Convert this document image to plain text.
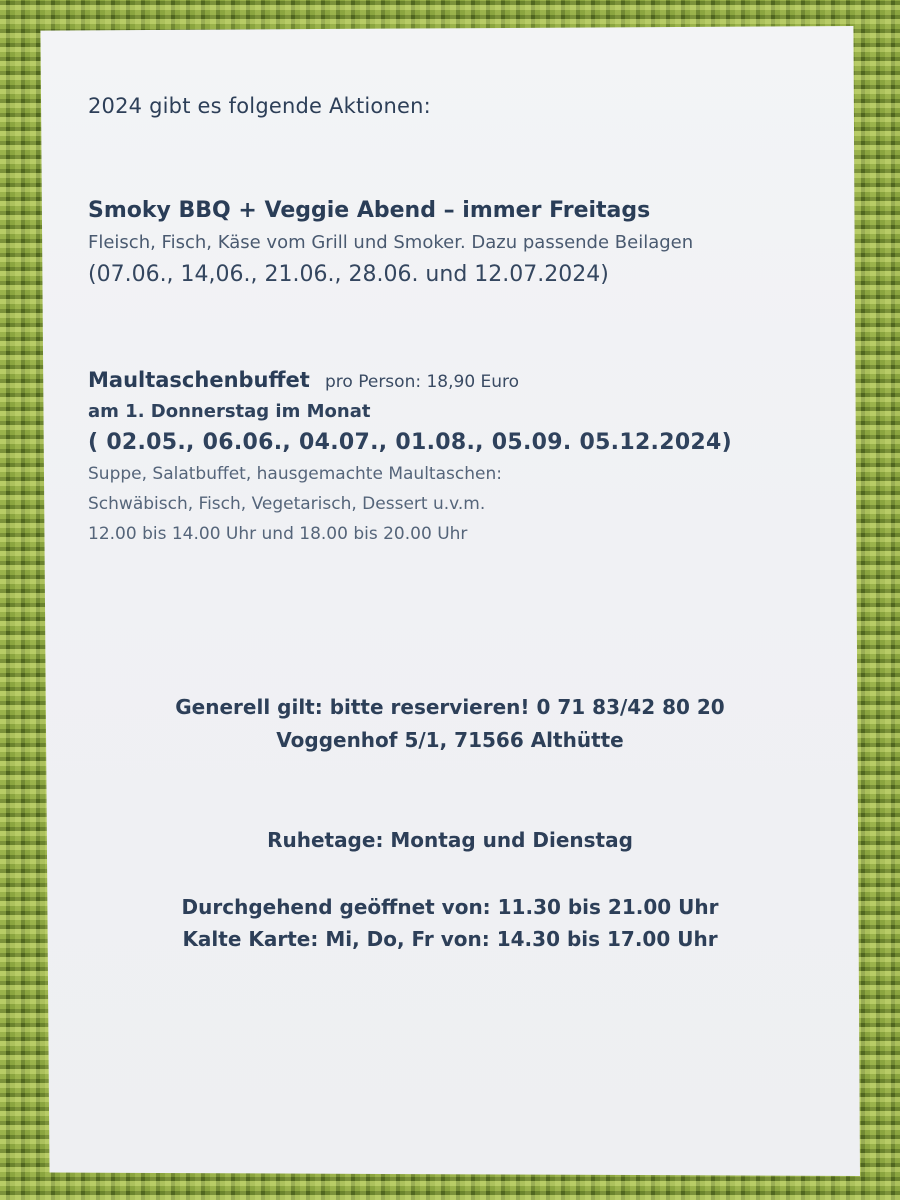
2024 gibt es folgende Aktionen:

Smoky BBQ + Veggie Abend – immer Freitags

Fleisch, Fisch, Käse vom Grill und Smoker. Dazu passende Beilagen

(07.06., 14,06., 21.06., 28.06. und 12.07.2024)

Maultaschenbuffet pro Person: 18,90 Euro

am 1. Donnerstag im Monat

( 02.05., 06.06., 04.07., 01.08., 05.09. 05.12.2024)

Suppe, Salatbuffet, hausgemachte Maultaschen:

Schwäbisch, Fisch, Vegetarisch, Dessert u.v.m.

12.00 bis 14.00 Uhr und 18.00 bis 20.00 Uhr

Generell gilt: bitte reservieren! 0 71 83/42 80 20

Voggenhof 5/1, 71566 Althütte

Ruhetage: Montag und Dienstag

Durchgehend geöffnet von: 11.30 bis 21.00 Uhr

Kalte Karte: Mi, Do, Fr von: 14.30 bis 17.00 Uhr
